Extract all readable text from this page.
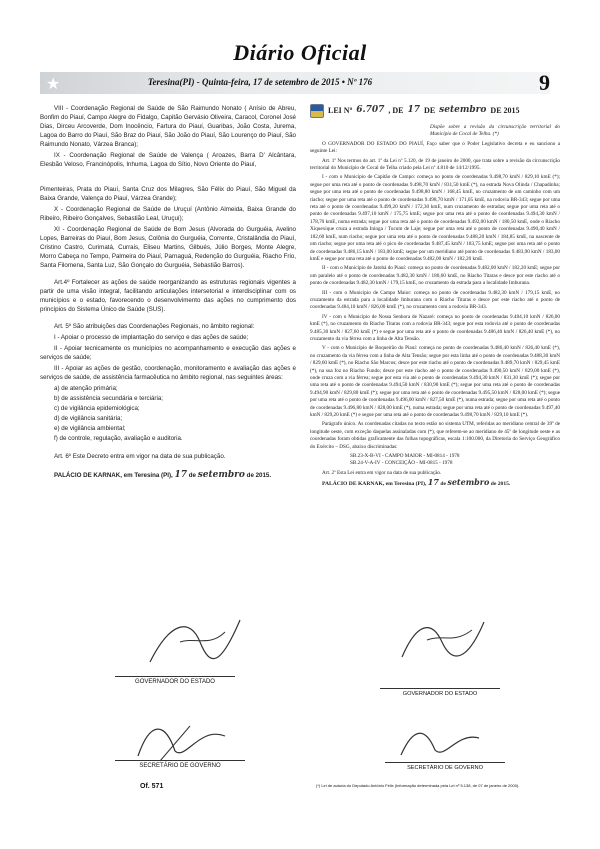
Diário Oficial
★	Teresina(PI) - Quinta-feira, 17 de setembro de 2015 • Nº 176	9

VIII - Coordenação Regional de Saúde de São Raimundo Nonato ( Anísio de Abreu, Bonfim do Piauí, Campo Alegre do Fidalgo, Capitão Gervásio Oliveira, Caracol, Coronel José Dias, Dirceu Arcoverde, Dom Inocêncio, Fartura do Piauí, Guaribas, João Costa, Jurema, Lagoa do Barro do Piauí, São Braz do Piauí, São João do Piauí, São Lourenço do Piauí, São Raimundo Nonato, Várzea Branca);

IX - Coordenação Regional de Saúde de Valença ( Aroazes, Barra D' Alcântara, Elesbão Veloso, Francinópolis, Inhuma, Lagoa do Sítio, Novo Oriente do Piauí,

Pimenteiras, Prata do Piauí, Santa Cruz dos Milagres, São Félix do Piauí, São Miguel da Baixa Grande, Valença do Piauí, Várzea Grande);

X - Coordenação Regional de Saúde de Uruçuí (Antônio Almeida, Baixa Grande do Ribeiro, Ribeiro Gonçalves, Sebastião Leal, Uruçuí);

XI - Coordenação Regional de Saúde de Bom Jesus (Alvorada do Gurguéia, Avelino Lopes, Barreiras do Piauí, Bom Jesus, Colônia do Gurguéia, Corrente, Cristalândia do Piauí, Cristino Castro, Curimatá, Currais, Eliseu Martins, Gilbués, Júlio Borges, Monte Alegre, Morro Cabeça no Tempo, Palmeira do Piauí, Parnaguá, Redenção do Gurguéia, Riacho Frio, Santa Filomena, Santa Luz, São Gonçalo do Gurguéia, Sebastião Barros).

Art.4º Fortalecer as ações de saúde reorganizando as estruturas regionais vigentes a partir de uma visão integral, facilitando articulações intersetorial e interdisciplinar com os municípios e o estado, favorecendo o desenvolvimento das ações no cumprimento dos princípios do Sistema Único de Saúde (SUS).

Art. 5º São atribuições das Coordenações Regionais, no âmbito regional:

I - Apoiar o processo de implantação do serviço e das ações de saúde;

II - Apoiar tecnicamente os municípios no acompanhamento e execução das ações e serviços de saúde;

III - Apoiar as ações de gestão, coordenação, monitoramento e avaliação das ações e serviços de saúde, de assistência farmacêutica no âmbito regional, nas seguintes áreas:

a) de atenção primária;

b) de assistência secundária e terciária;

c) de vigilância epidemiológica;

d) de vigilância sanitária;

e) de vigilância ambiental;

f) de controle, regulação, avaliação e auditoria.

Art. 6º Este Decreto entra em vigor na data de sua publicação.

PALÁCIO DE KARNAK, em Teresina (PI), 17 de setembro de 2015.

GOVERNADOR DO ESTADO
SECRETÁRIO DE GOVERNO
Of. 571
LEI Nº 6.707 , DE 17 DE setembro DE 2015

Dispõe sobre a revisão da circunscrição territorial do Município de Cocal de Telha. (*)

O GOVERNADOR DO ESTADO DO PIAUÍ, Faço saber que o Poder Legislativo decreta e eu sanciono a seguinte Lei:

Art. 1º Nos termos do art. 1º da Lei nº 5.120, de 19 de janeiro de 2000, que trata sobre a revisão da circunscrição territorial do Município de Cocal de Telha criado pela Lei nº 4.810 de 14/12/1995.

I - com o Município de Capitão de Campo: começa no ponto de coordenadas 9.498,70 kmN / 829,10 kmE (*); segue por uma reta até o ponto de coordenadas 9.498,70 kmN / 831,50 kmE (*), na estrada Nova Olinda / Chapadinha; segue por uma reta até o ponto de coordenadas 9.498,80 kmN / 168,45 kmE, no cruzamento de um caminho com um riacho; segue por uma reta até o ponto de coordenadas 9.498,70 kmN / 171,05 kmE, na rodovia BR-343; segue por uma reta até o ponto de coordenadas 9.499,20 kmN / 172,30 kmE, num cruzamento de estradas; segue por uma reta até o ponto de coordenadas 9.497,10 kmN / 175,75 kmE; segue por uma reta até o ponto de coordenadas 9.494,30 kmN / 178,70 kmE, numa estrada; segue por uma reta até o ponto de coordenadas 9.492,00 kmN / 180,50 kmE, onde o Riacho Xiquexique cruza a estrada Ininga / Tucum de Laje; segue por uma reta até o ponto de coordenadas 9.490,40 kmN / 182,60 kmE, num riacho; segue por uma reta até o ponto de coordenadas 9.488,20 kmN / 184,85 kmE, na nascente de um riacho; segue por uma reta até o pico de coordenadas 9.487,45 kmN / 183,75 kmE; segue por uma reta até o ponto de coordenadas 9.486,15 kmN / 183,00 kmE; segue por um meridiano até ponto de coordenadas 9.483,90 kmN / 183,00 kmE e segue por uma reta até o ponto de coordenadas 9.482,00 kmN / 182,20 kmE.

II - com o Município de Jatobá do Piauí: começa no ponto de coordenadas 9.482,00 kmN / 182,20 kmE; segue por um paralelo até o ponto de coordenadas 9.482,30 kmN / 180,60 kmE, no Riacho Titaras e desce por este riacho até o ponto de coordenadas 9.482,30 kmN / 179,15 kmE, no cruzamento da estrada para a localidade Imburana.

III - com o Município de Campo Maior: começa no ponto de coordenadas 9.482,30 kmN / 179,15 kmE, no cruzamento da estrada para a localidade Imburana com o Riacho Titaras e desce por este riacho até o ponto de coordenadas 9.484,10 kmN / 826,00 kmE (*), no cruzamento com a rodovia BR-343.

IV - com o Município de Nossa Senhora de Nazaré: começa no ponto de coordenadas 9.484,10 kmN / 826,00 kmE (*), no cruzamento do Riacho Titaras com a rodovia BR-343; segue por esta rodovia até o ponto de coordenadas 9.485,30 kmN / 827,60 kmE (*) e segue por uma reta até o ponto de coordenadas 9.486,40 kmN / 826,40 kmE (*), no cruzamento da via férrea com a linha de Alta Tensão.

V - com o Município de Boqueirão do Piauí: começa no ponto de coordenadas 9.486,40 kmN / 826,40 kmE (*), no cruzamento da via férrea com a linha de Alta Tensão; segue por esta linha até o ponto de coordenadas 9.488,30 kmN / 829,60 kmE (*), no Riacho São Marcos; desce por este riacho até o ponto de coordenadas 9.489,70 kmN / 829,45 kmE (*), na sua foz no Riacho Fundo; desce por este riacho até o ponto de coordenadas 9.490,50 kmN / 829,00 kmE (*), onde cruza com a via férrea; segue por esta via até o ponto de coordenadas 9.494,30 kmN / 831,30 kmE (*); segue por uma reta até o ponto de coordenadas 9.494,50 kmN / 830,90 kmE (*); segue por uma reta até o ponto de coordenadas 9.494,90 kmN / 829,80 kmE (*); segue por uma reta até o ponto de coordenadas 9.495,50 kmN / 828,00 kmE (*); segue por uma reta até o ponto de coordenadas 9.496,00 kmN / 827,50 kmE (*), numa estrada; segue por uma reta até o ponto de coordenadas 9.496,80 kmN / 828,00 kmE (*), numa estrada; segue por uma reta até o ponto de coordenadas 9.497,40 kmN / 829,20 kmE (*) e segue por uma reta até o ponto de coordenadas 9.498,70 kmN / 829,10 kmE (*).

Parágrafo único. As coordenadas citadas no texto estão no sistema UTM, referidas ao meridiano central de 39º de longitude oeste, com exceção daquelas assinaladas com (*), que referem-se ao meridiano de 45º de longitude oeste e as coordenadas foram obtidas graficamente das folhas topográficas, escala 1:100.000, da Diretoria do Serviço Geográfico do Exército – DSG, abaixo discriminadas:

SB.23-X-B-VI - CAMPO MAIOR - MI-0814 - 1978

SB.24-V-A-IV - CONCEIÇÃO - MI-0815 - 1978

Art. 2º Esta Lei entra em vigor na data de sua publicação.

PALÁCIO DE KARNAK, em Teresina (PI), 17 de setembro de 2015.

GOVERNADOR DO ESTADO
SECRETÁRIO DE GOVERNO
(*) Lei de autoria do Deputado Antônio Félix (Informação determinada pela Lei nº 5.138, de 07 de janeiro de 2000).
